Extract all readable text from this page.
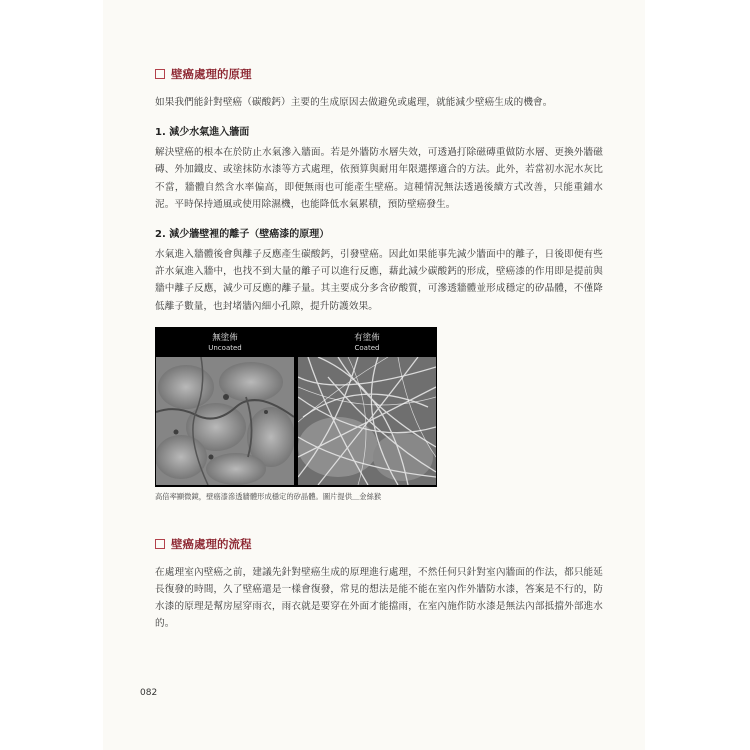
壁癌處理的原理

如果我們能針對壁癌（碳酸鈣）主要的生成原因去做避免或處理，就能減少壁癌生成的機會。

1. 減少水氣進入牆面

解決壁癌的根本在於防止水氣滲入牆面。若是外牆防水層失效，可透過打除磁磚重做防水層、更換外牆磁磚、外加鐵皮、或塗抹防水漆等方式處理，依預算與耐用年限選擇適合的方法。此外，若當初水泥水灰比不當，牆體自然含水率偏高，即便無雨也可能產生壁癌。這種情況無法透過後續方式改善，只能重鋪水泥。平時保持通風或使用除濕機，也能降低水氣累積，預防壁癌發生。

2. 減少牆壁裡的離子（壁癌漆的原理）

水氣進入牆體後會與離子反應產生碳酸鈣，引發壁癌。因此如果能事先減少牆面中的離子，日後即便有些許水氣進入牆中，也找不到大量的離子可以進行反應，藉此減少碳酸鈣的形成，壁癌漆的作用即是提前與牆中離子反應，減少可反應的離子量。其主要成分多含矽酸質，可滲透牆體並形成穩定的矽晶體，不僅降低離子數量，也封堵牆內細小孔隙，提升防護效果。

無塗佈
Uncoated
有塗佈
Coated
高倍率顯微鏡，壁癌漆滲透牆體形成穩定的矽晶體。圖片提供＿金絲猴
壁癌處理的流程

在處理室內壁癌之前，建議先針對壁癌生成的原理進行處理，不然任何只針對室內牆面的作法，都只能延長復發的時間，久了壁癌還是一樣會復發，常見的想法是能不能在室內作外牆防水漆，答案是不行的，防水漆的原理是幫房屋穿雨衣，雨衣就是要穿在外面才能擋雨，在室內施作防水漆是無法內部抵擋外部進水的。

082
